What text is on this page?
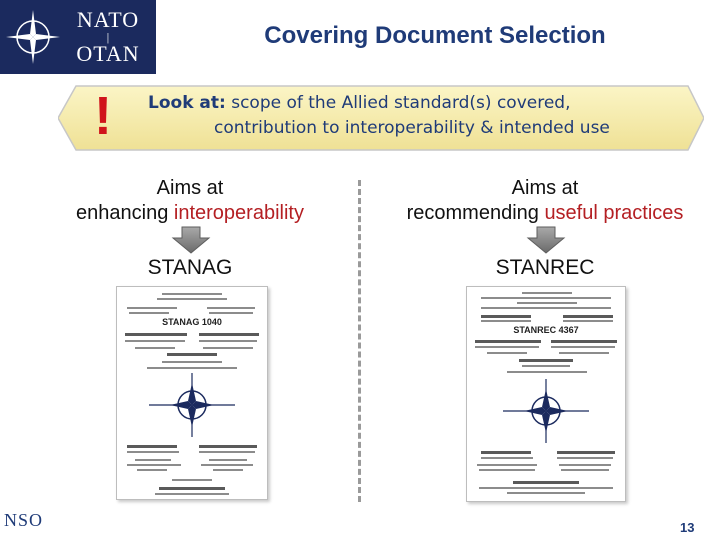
NATO
|
OTAN
Covering Document Selection
! Look at: scope of the Allied standard(s) covered,
contribution to interoperability & intended use
Aims at
enhancing interoperability
STANAG
Aims at
recommending useful practices
STANREC
STANAG 1040
STANREC 4367
NSO	13
